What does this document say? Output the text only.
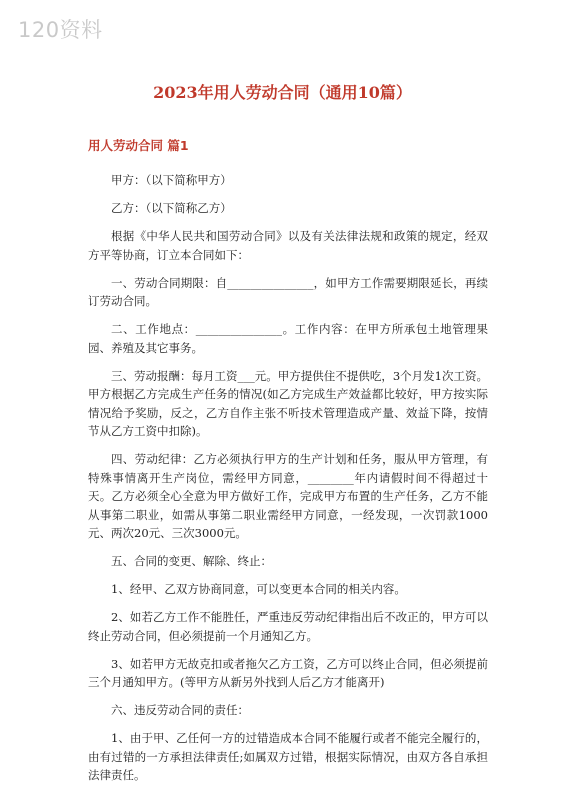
120资料
2023年用人劳动合同（通用10篇）
用人劳动合同 篇1

甲方：（以下简称甲方）

乙方：（以下简称乙方）

根据《中华人民共和国劳动合同》以及有关法律法规和政策的规定，经双方平等协商，订立本合同如下：

一、劳动合同期限：自_______________，如甲方工作需要期限延长，再续订劳动合同。

二、工作地点：_______________。工作内容：在甲方所承包土地管理果园、养殖及其它事务。

三、劳动报酬：每月工资___元。甲方提供住不提供吃，3个月发1次工资。甲方根据乙方完成生产任务的情况(如乙方完成生产效益都比较好，甲方按实际情况给予奖励，反之，乙方自作主张不听技术管理造成产量、效益下降，按情节从乙方工资中扣除)。

四、劳动纪律：乙方必须执行甲方的生产计划和任务，服从甲方管理，有特殊事情离开生产岗位，需经甲方同意，________年内请假时间不得超过十天。乙方必须全心全意为甲方做好工作，完成甲方布置的生产任务，乙方不能从事第二职业，如需从事第二职业需经甲方同意，一经发现，一次罚款1000元、两次20元、三次3000元。

五、合同的变更、解除、终止：

1、经甲、乙双方协商同意，可以变更本合同的相关内容。

2、如若乙方工作不能胜任，严重违反劳动纪律指出后不改正的，甲方可以终止劳动合同，但必须提前一个月通知乙方。

3、如若甲方无故克扣或者拖欠乙方工资，乙方可以终止合同，但必须提前三个月通知甲方。(等甲方从新另外找到人后乙方才能离开)

六、违反劳动合同的责任：

1、由于甲、乙任何一方的过错造成本合同不能履行或者不能完全履行的，由有过错的一方承担法律责任;如属双方过错，根据实际情况，由双方各自承担法律责任。
